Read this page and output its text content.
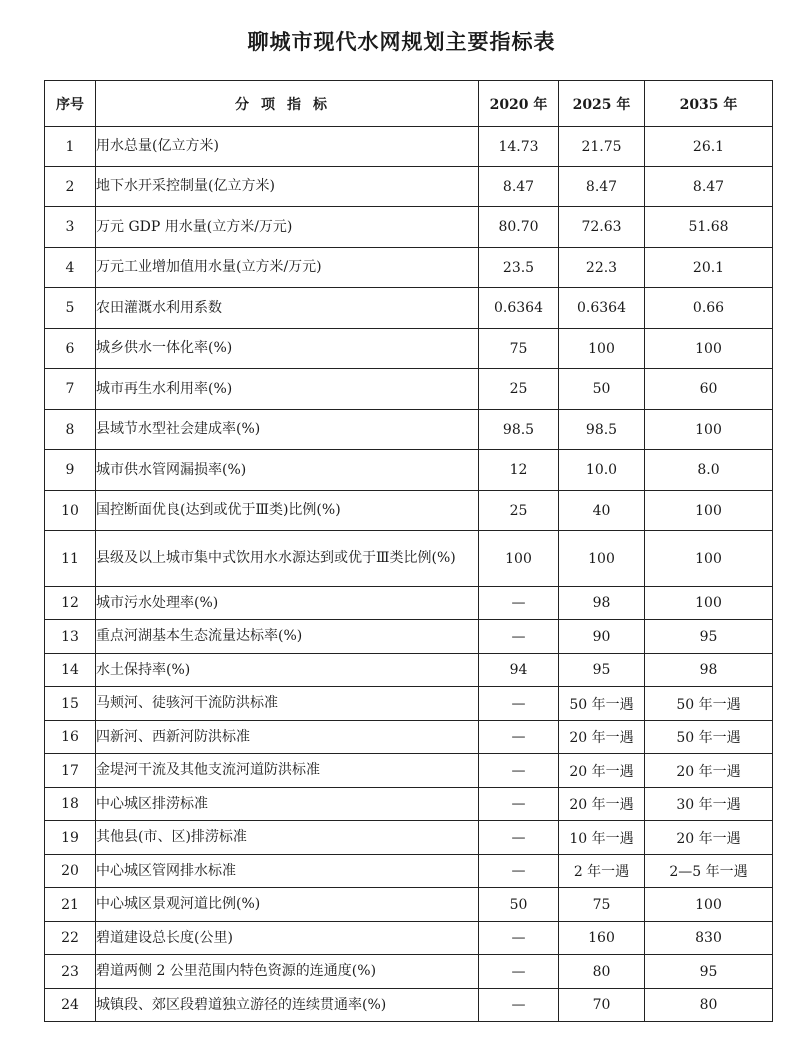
聊城市现代水网规划主要指标表
序号	分项指标	2020 年	2025 年	2035 年
1	用水总量(亿立方米)	14.73	21.75	26.1
2	地下水开采控制量(亿立方米)	8.47	8.47	8.47
3	万元 GDP 用水量(立方米/万元)	80.70	72.63	51.68
4	万元工业增加值用水量(立方米/万元)	23.5	22.3	20.1
5	农田灌溉水利用系数	0.6364	0.6364	0.66
6	城乡供水一体化率(%)	75	100	100
7	城市再生水利用率(%)	25	50	60
8	县域节水型社会建成率(%)	98.5	98.5	100
9	城市供水管网漏损率(%)	12	10.0	8.0
10	国控断面优良(达到或优于Ⅲ类)比例(%)	25	40	100
11	县级及以上城市集中式饮用水水源达到或优于Ⅲ类比例(%)	100	100	100
12	城市污水处理率(%)	—	98	100
13	重点河湖基本生态流量达标率(%)	—	90	95
14	水土保持率(%)	94	95	98
15	马颊河、徒骇河干流防洪标准	—	50 年一遇	50 年一遇
16	四新河、西新河防洪标准	—	20 年一遇	50 年一遇
17	金堤河干流及其他支流河道防洪标准	—	20 年一遇	20 年一遇
18	中心城区排涝标准	—	20 年一遇	30 年一遇
19	其他县(市、区)排涝标准	—	10 年一遇	20 年一遇
20	中心城区管网排水标准	—	2 年一遇	2—5 年一遇
21	中心城区景观河道比例(%)	50	75	100
22	碧道建设总长度(公里)	—	160	830
23	碧道两侧 2 公里范围内特色资源的连通度(%)	—	80	95
24	城镇段、郊区段碧道独立游径的连续贯通率(%)	—	70	80
